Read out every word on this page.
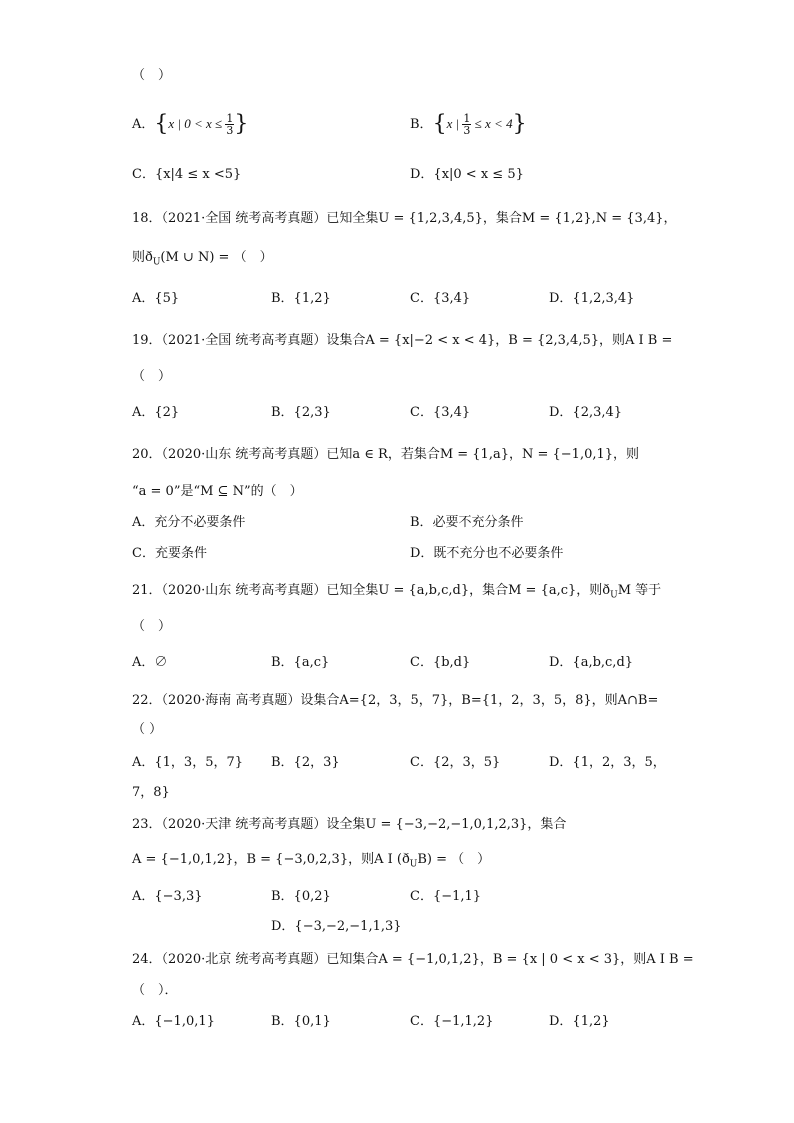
（　）
A．{x | $0 < x \le \frac{1}{3}$ }	B．{x | $\frac{1}{3} \le x < 4$}
C．{x|4 ≤ x <5}	D．{x|0 < x ≤ 5}
18．（2021·全国 统考高考真题）已知全集U = {1,2,3,4,5}，集合M = {1,2},N = {3,4}，
则$ð_U(M$ ∪ N) = （　）
A．{5}	B．{1,2}	C．{3,4}	D．{1,2,3,4}
19．（2021·全国 统考高考真题）设集合A = {x|−2 < x < 4}，B = {2,3,4,5}，则A I B =
（　）
A．{2}	B．{2,3}	C．{3,4}	D．{2,3,4}
20．（2020·山东 统考高考真题）已知a ∈ R，若集合M = {1,a}，N = {−1,0,1}，则
“a = 0”是“M ⊆ N”的（　）
A．充分不必要条件	B．必要不充分条件
C．充要条件	D．既不充分也不必要条件
21．（2020·山东 统考高考真题）已知全集U = {a,b,c,d}，集合M = {a,c}，则$ð_UM$ 等于
（　）
A．∅	B．{a,c}	C．{b,d}	D．{a,b,c,d}
22．（2020·海南 高考真题）设集合A={2，3，5，7}，B={1，2，3，5，8}，则A∩B=
（ ）
A．{1，3，5，7} B．{2，3}	C．{2，3，5}	D．{1，2，3，5，
7，8}
23．（2020·天津 统考高考真题）设全集U = {−3,−2,−1,0,1,2,3}，集合
A = {−1,0,1,2}，B = {−3,0,2,3}，则A I $(ð_UB)$ = （　）
A．{−3,3}	B．{0,2}	C．{−1,1}
D．{−3,−2,−1,1,3}
24．（2020·北京 统考高考真题）已知集合A = {−1,0,1,2}，B = {x | 0 < x < 3}，则A I B =
（　）．
A．{−1,0,1}	B．{0,1}	C．{−1,1,2}	D．{1,2}
